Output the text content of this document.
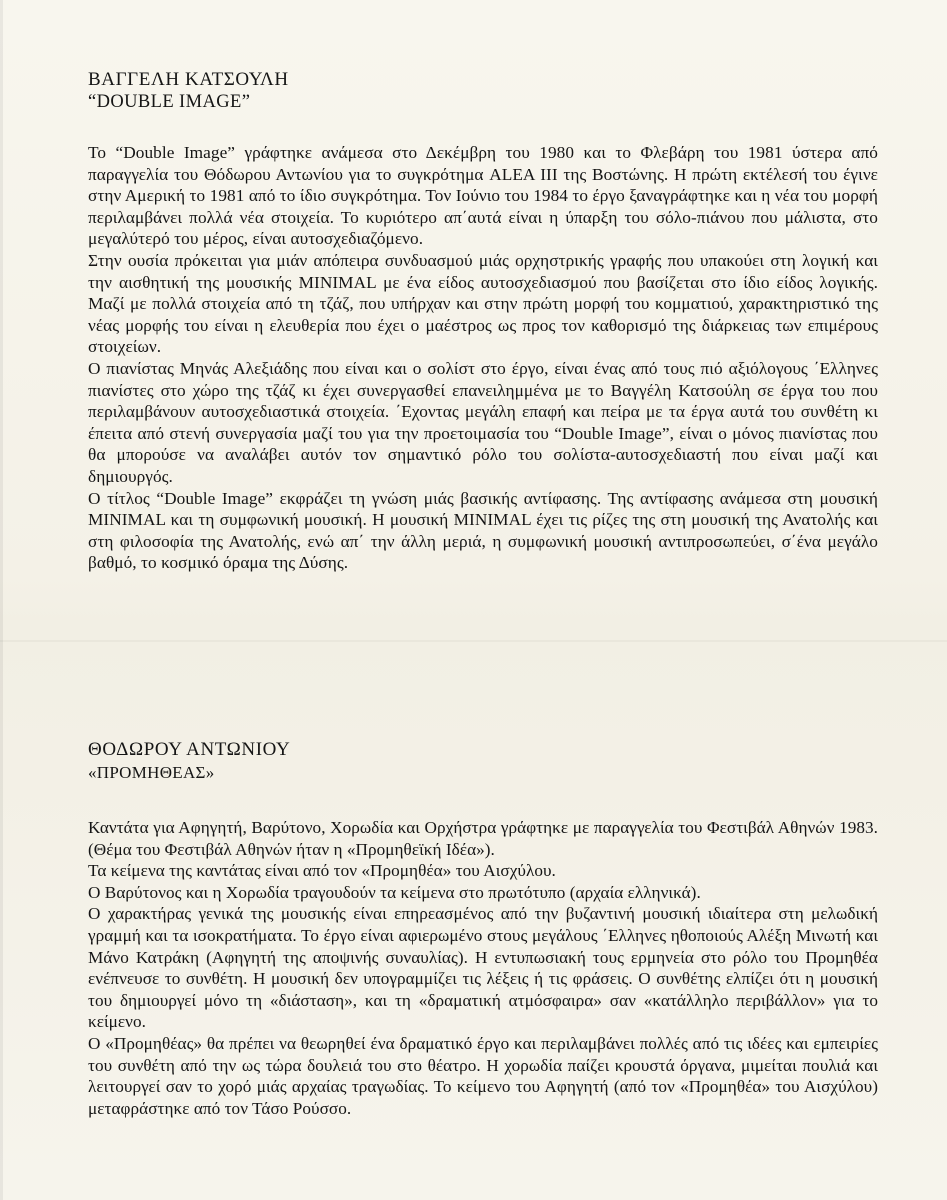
ΒΑΓΓΕΛΗ ΚΑΤΣΟΥΛΗ
“DOUBLE IMAGE”

Το “Double Image” γράφτηκε ανάμεσα στο Δεκέμβρη του 1980 και το Φλεβάρη του 1981 ύστερα από παραγγελία του Θόδωρου Αντωνίου για το συγκρότημα ALEA III της Βοστώνης. Η πρώτη εκτέλεσή του έγινε στην Αμερική το 1981 από το ίδιο συγκρότημα. Τον Ιούνιο του 1984 το έργο ξαναγράφτηκε και η νέα του μορφή περιλαμβάνει πολλά νέα στοιχεία. Το κυριότερο απ΄αυτά είναι η ύπαρξη του σόλο-πιάνου που μάλιστα, στο μεγαλύτερό του μέρος, είναι αυτοσχεδιαζόμενο.

Στην ουσία πρόκειται για μιάν απόπειρα συνδυασμού μιάς ορχηστρικής γραφής που υπακούει στη λογική και την αισθητική της μουσικής MINIMAL με ένα είδος αυτοσχεδιασμού που βασίζεται στο ίδιο είδος λογικής. Μαζί με πολλά στοιχεία από τη τζάζ, που υπήρχαν και στην πρώτη μορφή του κομματιού, χαρακτηριστικό της νέας μορφής του είναι η ελευθερία που έχει ο μαέστρος ως προς τον καθορισμό της διάρκειας των επιμέρους στοιχείων.

Ο πιανίστας Μηνάς Αλεξιάδης που είναι και ο σολίστ στο έργο, είναι ένας από τους πιό αξιόλογους ΄Ελληνες πιανίστες στο χώρο της τζάζ κι έχει συνεργασθεί επανειλημμένα με το Βαγγέλη Κατσούλη σε έργα του που περιλαμβάνουν αυτοσχεδιαστικά στοιχεία. ΄Εχοντας μεγάλη επαφή και πείρα με τα έργα αυτά του συνθέτη κι έπειτα από στενή συνεργασία μαζί του για την προετοιμασία του “Double Image”, είναι ο μόνος πιανίστας που θα μπορούσε να αναλάβει αυτόν τον σημαντικό ρόλο του σολίστα-αυτοσχεδιαστή που είναι μαζί και δημιουργός.

Ο τίτλος “Double Image” εκφράζει τη γνώση μιάς βασικής αντίφασης. Της αντίφασης ανάμεσα στη μουσική MINIMAL και τη συμφωνική μουσική. Η μουσική MINIMAL έχει τις ρίζες της στη μουσική της Ανατολής και στη φιλοσοφία της Ανατολής, ενώ απ΄ την άλλη μεριά, η συμφωνική μουσική αντιπροσωπεύει, σ΄ένα μεγάλο βαθμό, το κοσμικό όραμα της Δύσης.

ΘΟΔΩΡΟΥ ΑΝΤΩΝΙΟΥ
«ΠΡΟΜΗΘΕΑΣ»

Καντάτα για Αφηγητή, Βαρύτονο, Χορωδία και Ορχήστρα γράφτηκε με παραγγελία του Φεστιβάλ Αθηνών 1983. (Θέμα του Φεστιβάλ Αθηνών ήταν η «Προμηθεϊκή Ιδέα»).

Τα κείμενα της καντάτας είναι από τον «Προμηθέα» του Αισχύλου.

Ο Βαρύτονος και η Χορωδία τραγουδούν τα κείμενα στο πρωτότυπο (αρχαία ελληνικά).

Ο χαρακτήρας γενικά της μουσικής είναι επηρεασμένος από την βυζαντινή μουσική ιδιαίτερα στη μελωδική γραμμή και τα ισοκρατήματα. Το έργο είναι αφιερωμένο στους μεγάλους ΄Ελληνες ηθοποιούς Αλέξη Μινωτή και Μάνο Κατράκη (Αφηγητή της αποψινής συναυλίας). Η εντυπωσιακή τους ερμηνεία στο ρόλο του Προμηθέα ενέπνευσε το συνθέτη. Η μουσική δεν υπογραμμίζει τις λέξεις ή τις φράσεις. Ο συνθέτης ελπίζει ότι η μουσική του δημιουργεί μόνο τη «διάσταση», και τη «δραματική ατμόσφαιρα» σαν «κατάλληλο περιβάλλον» για το κείμενο.

Ο «Προμηθέας» θα πρέπει να θεωρηθεί ένα δραματικό έργο και περιλαμβάνει πολλές από τις ιδέες και εμπειρίες του συνθέτη από την ως τώρα δουλειά του στο θέατρο. Η χορωδία παίζει κρουστά όργανα, μιμείται πουλιά και λειτουργεί σαν το χορό μιάς αρχαίας τραγωδίας. Το κείμενο του Αφηγητή (από τον «Προμηθέα» του Αισχύλου) μεταφράστηκε από τον Τάσο Ρούσσο.
